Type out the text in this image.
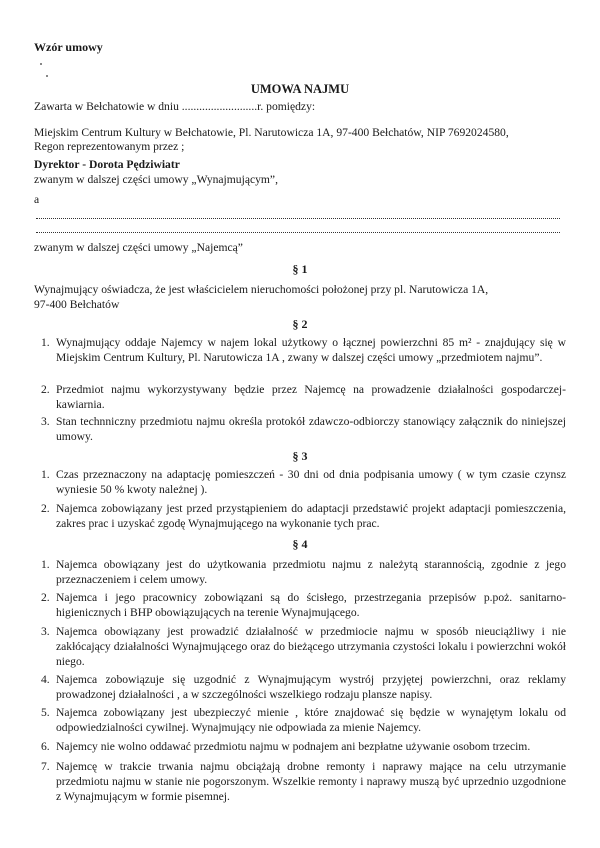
Wzór umowy
UMOWA NAJMU
Zawarta w Bełchatowie w dniu ..........................r. pomiędzy:
Miejskim Centrum Kultury w Bełchatowie, Pl. Narutowicza 1A, 97-400 Bełchatów, NIP 7692024580,
Regon reprezentowanym przez ;
Dyrektor - Dorota Pędziwiatr
zwanym w dalszej części umowy „Wynajmującym”,
a
zwanym w dalszej części umowy „Najemcą”
§ 1
Wynajmujący oświadcza, że jest właścicielem nieruchomości położonej przy pl. Narutowicza 1A,
97-400 Bełchatów
§ 2
1. Wynajmujący oddaje Najemcy w najem lokal użytkowy o łącznej powierzchni 85 m² - znajdujący się w Miejskim Centrum Kultury, Pl. Narutowicza 1A , zwany w dalszej części umowy „przedmiotem najmu”.
2. Przedmiot najmu wykorzystywany będzie przez Najemcę na prowadzenie działalności gospodarczej-kawiarnia.
3. Stan technniczny przedmiotu najmu określa protokół zdawczo-odbiorczy stanowiący załącznik do niniejszej umowy.
§ 3
1. Czas przeznaczony na adaptację pomieszczeń - 30 dni od dnia podpisania umowy ( w tym czasie czynsz wyniesie 50 % kwoty należnej ).
2. Najemca zobowiązany jest przed przystąpieniem do adaptacji przedstawić projekt adaptacji pomieszczenia, zakres prac i uzyskać zgodę Wynajmującego na wykonanie tych prac.
§ 4
1. Najemca obowiązany jest do użytkowania przedmiotu najmu z należytą starannością, zgodnie z jego przeznaczeniem i celem umowy.
2. Najemca i jego pracownicy zobowiązani są do ścisłego, przestrzegania przepisów p.poż. sanitarno-higienicznych i BHP obowiązujących na terenie Wynajmującego.
3. Najemca obowiązany jest prowadzić działalność w przedmiocie najmu w sposób nieuciążliwy i nie zakłócający działalności Wynajmującego oraz do bieżącego utrzymania czystości lokalu i powierzchni wokół niego.
4. Najemca zobowiązuje się uzgodnić z Wynajmującym wystrój przyjętej powierzchni, oraz reklamy prowadzonej działalności , a w szczególności wszelkiego rodzaju plansze napisy.
5. Najemca zobowiązany jest ubezpieczyć mienie , które znajdować się będzie w wynajętym lokalu od odpowiedzialności cywilnej. Wynajmujący nie odpowiada za mienie Najemcy.
6. Najemcy nie wolno oddawać przedmiotu najmu w podnajem ani bezpłatne używanie osobom trzecim.
7. Najemcę w trakcie trwania najmu obciążają drobne remonty i naprawy mające na celu utrzymanie przedmiotu najmu w stanie nie pogorszonym. Wszelkie remonty i naprawy muszą być uprzednio uzgodnione z Wynajmującym w formie pisemnej.
